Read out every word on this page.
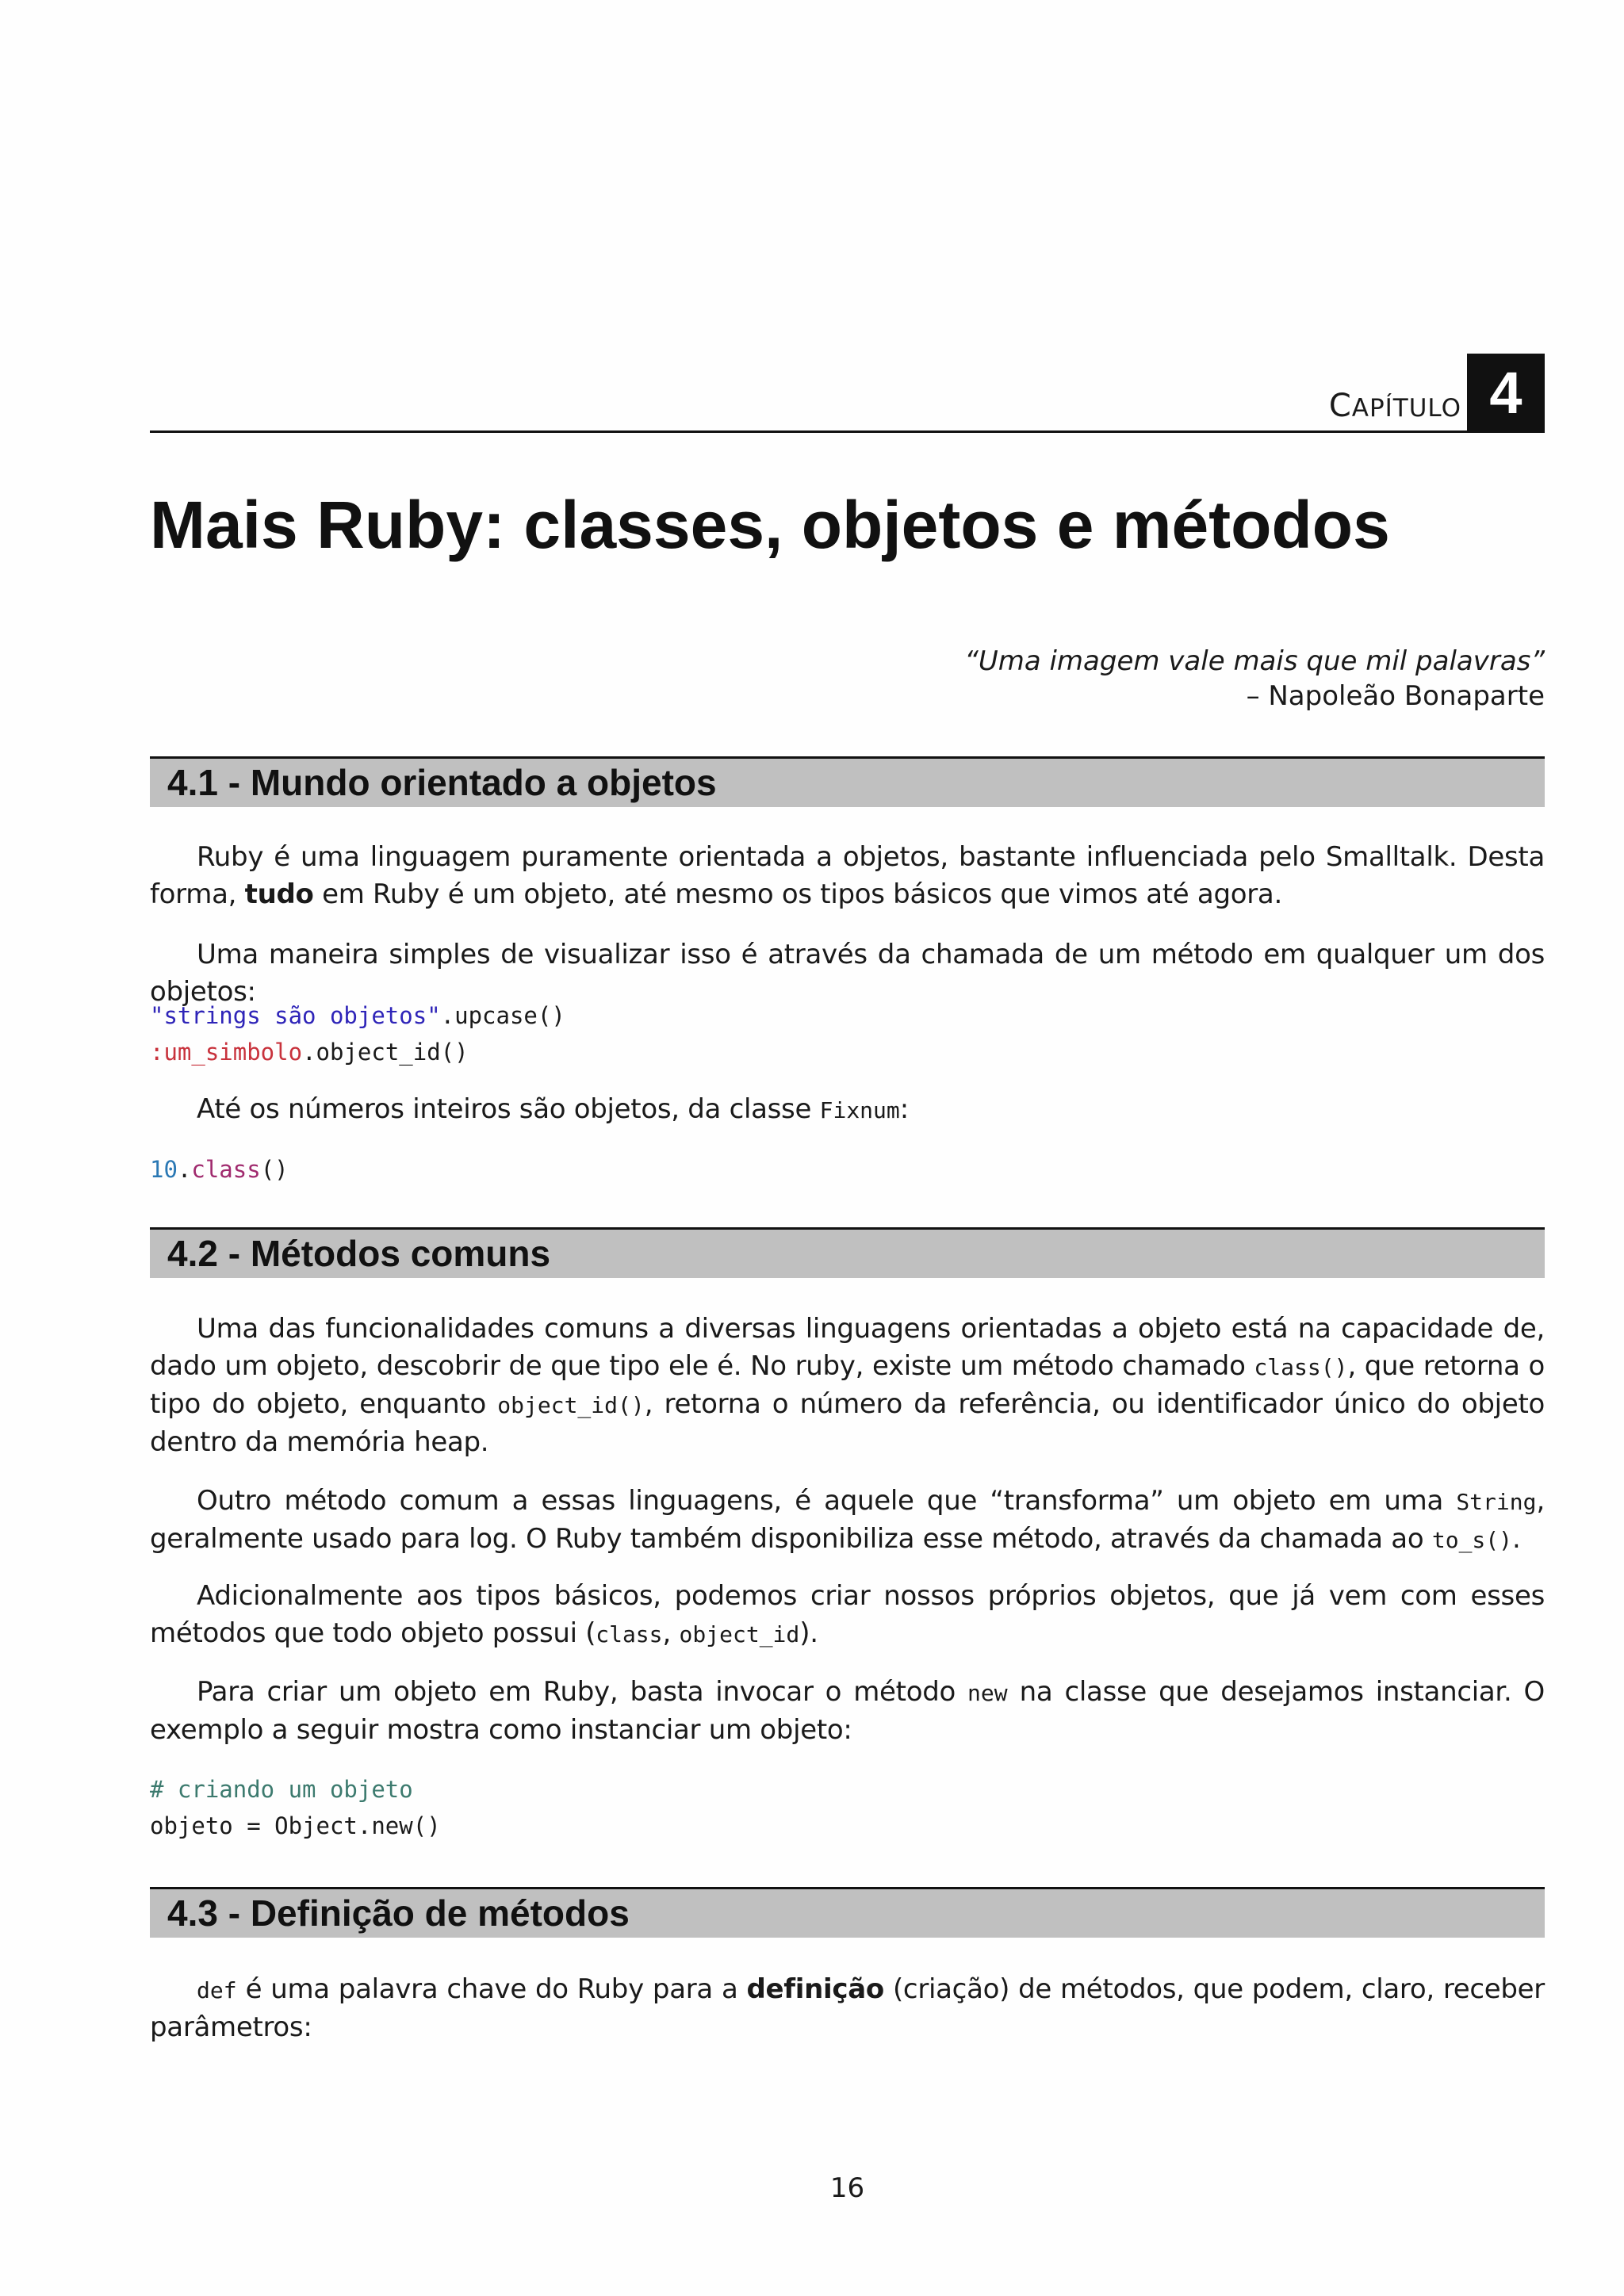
CAPÍTULO 4
Mais Ruby: classes, objetos e métodos
“Uma imagem vale mais que mil palavras”
– Napoleão Bonaparte
4.1 - Mundo orientado a objetos

Ruby é uma linguagem puramente orientada a objetos, bastante influenciada pelo Smalltalk. Desta forma, tudo em Ruby é um objeto, até mesmo os tipos básicos que vimos até agora.

Uma maneira simples de visualizar isso é através da chamada de um método em qualquer um dos objetos:

"strings são objetos".upcase()
:um_simbolo.object_id()

Até os números inteiros são objetos, da classe Fixnum:

10.class()
4.2 - Métodos comuns

Uma das funcionalidades comuns a diversas linguagens orientadas a objeto está na capacidade de, dado um objeto, descobrir de que tipo ele é. No ruby, existe um método chamado class(), que retorna o tipo do objeto, enquanto object_id(), retorna o número da referência, ou identificador único do objeto dentro da memória heap.

Outro método comum a essas linguagens, é aquele que “transforma” um objeto em uma String, geralmente usado para log. O Ruby também disponibiliza esse método, através da chamada ao to_s().

Adicionalmente aos tipos básicos, podemos criar nossos próprios objetos, que já vem com esses métodos que todo objeto possui (class, object_id).

Para criar um objeto em Ruby, basta invocar o método new na classe que desejamos instanciar. O exemplo a seguir mostra como instanciar um objeto:

# criando um objeto
objeto = Object.new()
4.3 - Definição de métodos

def é uma palavra chave do Ruby para a definição (criação) de métodos, que podem, claro, receber parâmetros:

16
